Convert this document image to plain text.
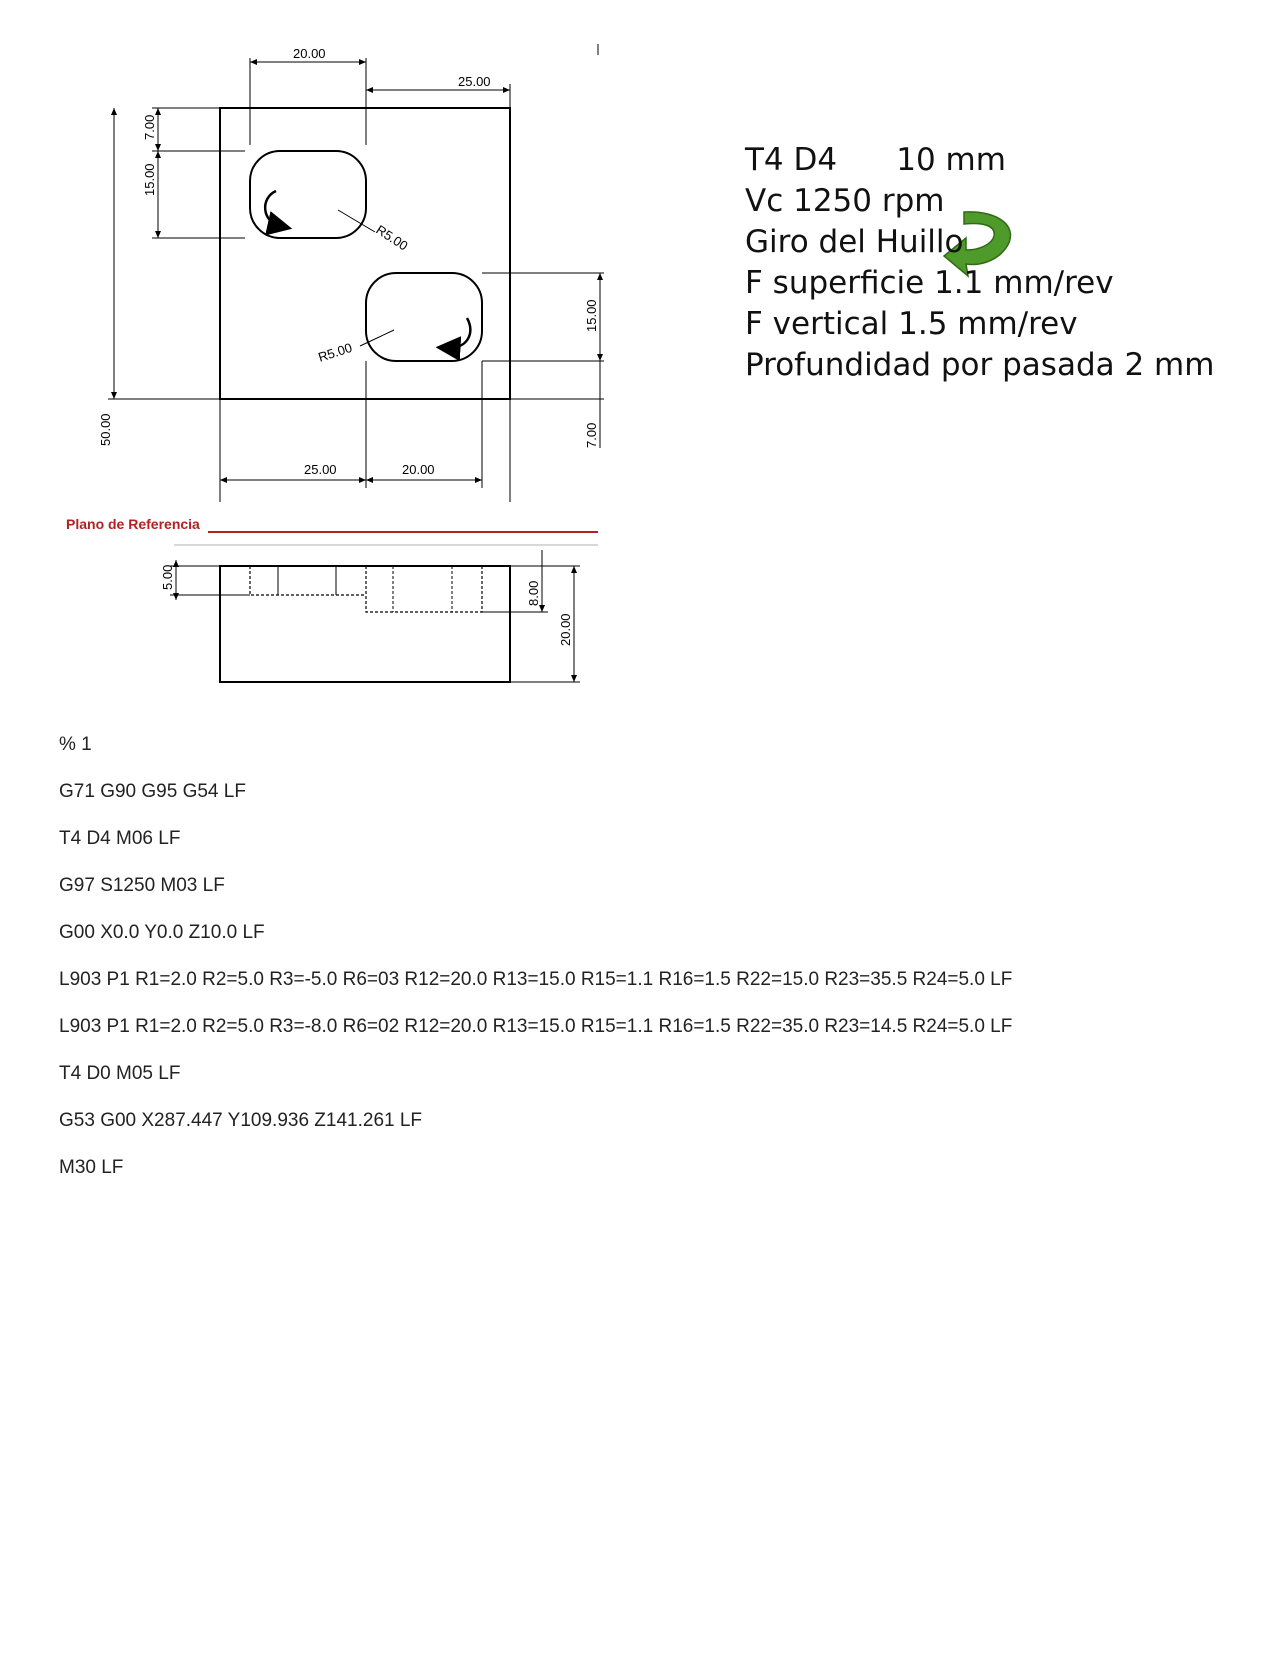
20.00
25.00
7.00
15.00
50.00
R5.00
R5.00
15.00
7.00
25.00	20.00
Plano de Referencia
5.00
8.00
20.00
T4 D4      10 mm
Vc 1250 rpm
Giro del Huillo
F superficie 1.1 mm/rev
F vertical 1.5 mm/rev
Profundidad por pasada 2 mm
% 1
G71 G90 G95 G54 LF
T4 D4 M06 LF
G97 S1250 M03 LF
G00 X0.0 Y0.0 Z10.0 LF
L903 P1 R1=2.0 R2=5.0 R3=-5.0 R6=03 R12=20.0 R13=15.0 R15=1.1 R16=1.5 R22=15.0 R23=35.5 R24=5.0 LF
L903 P1 R1=2.0 R2=5.0 R3=-8.0 R6=02 R12=20.0 R13=15.0 R15=1.1 R16=1.5 R22=35.0 R23=14.5 R24=5.0 LF
T4 D0 M05 LF
G53 G00 X287.447 Y109.936 Z141.261 LF
M30 LF
